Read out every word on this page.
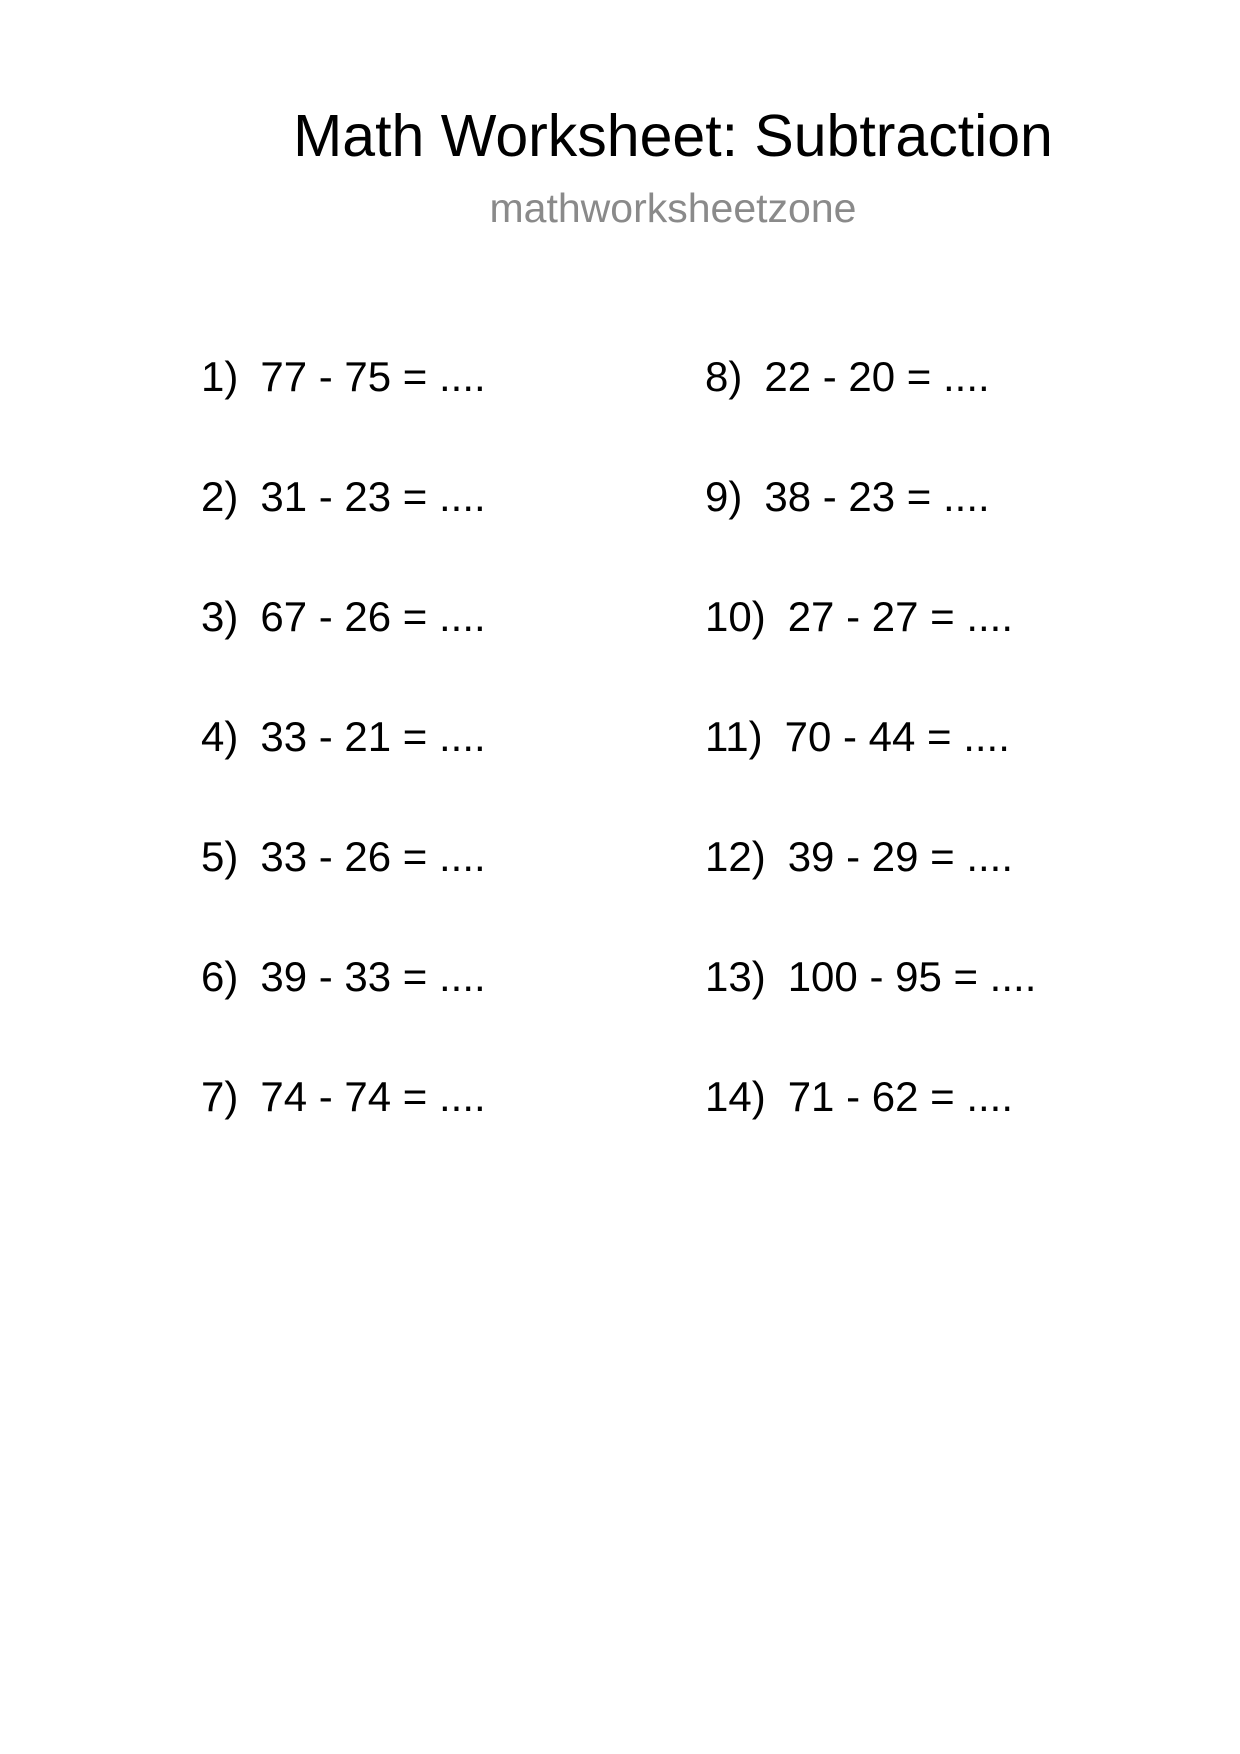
Math Worksheet: Subtraction
mathworksheetzone
1) 77 - 75 = ....
2) 31 - 23 = ....
3) 67 - 26 = ....
4) 33 - 21 = ....
5) 33 - 26 = ....
6) 39 - 33 = ....
7) 74 - 74 = ....
8) 22 - 20 = ....
9) 38 - 23 = ....
10) 27 - 27 = ....
11) 70 - 44 = ....
12) 39 - 29 = ....
13) 100 - 95 = ....
14) 71 - 62 = ....
